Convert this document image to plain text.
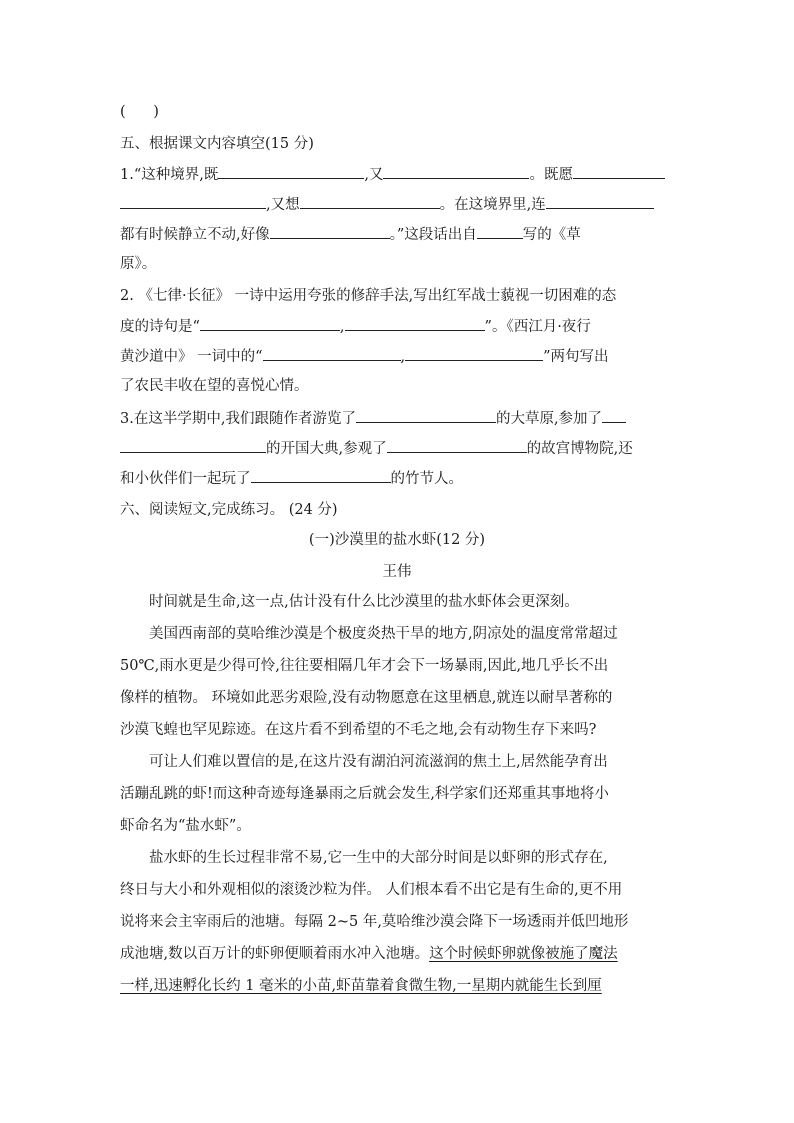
(      )
五、根据课文内容填空(15 分)
1.“这种境界,既	,又	。既愿
,又想	。在这境界里,连
都有时候静立不动,好像	。”这段话出自	写的《草
原》。
2. 《七律·长征》 一诗中运用夸张的修辞手法,写出红军战士藐视一切困难的态
度的诗句是“	,	”。《西江月·夜行
黄沙道中》 一词中的“	,	”两句写出
了农民丰收在望的喜悦心情。
3.在这半学期中,我们跟随作者游览了	的大草原,参加了
的开国大典,参观了	的故宫博物院,还
和小伙伴们一起玩了	的竹节人。
六、阅读短文,完成练习。 (24 分)
(一)沙漠里的盐水虾(12 分)
王伟
时间就是生命,这一点,估计没有什么比沙漠里的盐水虾体会更深刻。
美国西南部的莫哈维沙漠是个极度炎热干旱的地方,阴凉处的温度常常超过
50℃,雨水更是少得可怜,往往要相隔几年才会下一场暴雨,因此,地几乎长不出
像样的植物。 环境如此恶劣艰险,没有动物愿意在这里栖息,就连以耐旱著称的
沙漠飞蝗也罕见踪迹。在这片看不到希望的不毛之地,会有动物生存下来吗?
可让人们难以置信的是,在这片没有湖泊河流滋润的焦土上,居然能孕育出
活蹦乱跳的虾!而这种奇迹每逢暴雨之后就会发生,科学家们还郑重其事地将小
虾命名为“盐水虾”。
盐水虾的生长过程非常不易,它一生中的大部分时间是以虾卵的形式存在,
终日与大小和外观相似的滚烫沙粒为伴。 人们根本看不出它是有生命的,更不用
说将来会主宰雨后的池塘。每隔 2~5 年,莫哈维沙漠会降下一场透雨并低凹地形
成池塘,数以百万计的虾卵便顺着雨水冲入池塘。这个时候虾卵就像被施了魔法
一样,迅速孵化长约 1 毫米的小苗,虾苗靠着食微生物,一星期内就能生长到厘
